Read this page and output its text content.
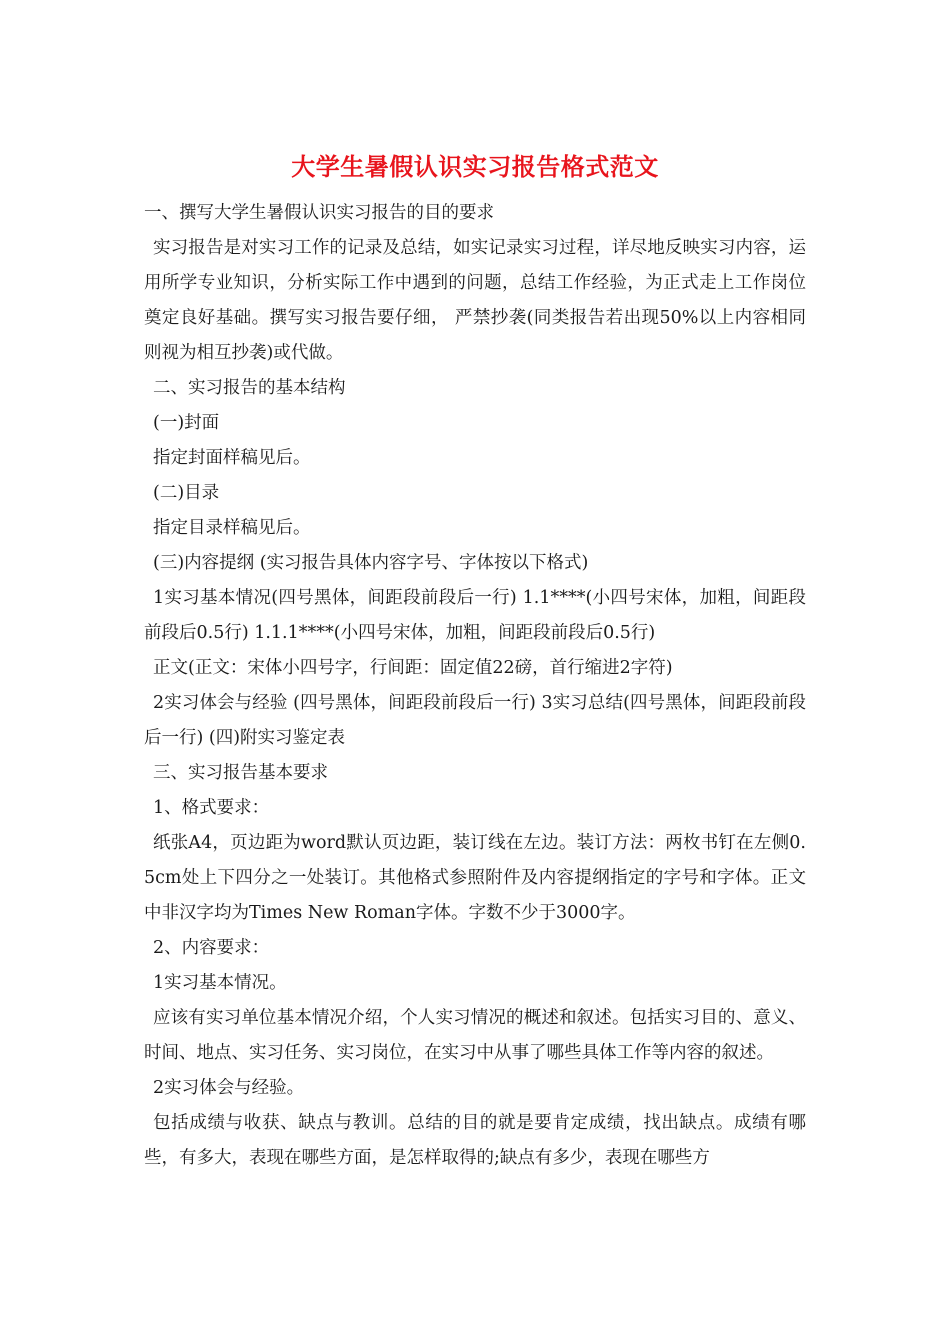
大学生暑假认识实习报告格式范文

一、撰写大学生暑假认识实习报告的目的要求

实习报告是对实习工作的记录及总结，如实记录实习过程，详尽地反映实习内容，运用所学专业知识，分析实际工作中遇到的问题，总结工作经验，为正式走上工作岗位奠定良好基础。撰写实习报告要仔细， 严禁抄袭(同类报告若出现50%以上内容相同则视为相互抄袭)或代做。

二、实习报告的基本结构

(一)封面

指定封面样稿见后。

(二)目录

指定目录样稿见后。

(三)内容提纲 (实习报告具体内容字号、字体按以下格式)

1实习基本情况(四号黑体，间距段前段后一行) 1.1****(小四号宋体，加粗，间距段前段后0.5行) 1.1.1****(小四号宋体，加粗，间距段前段后0.5行)

正文(正文：宋体小四号字，行间距：固定值22磅，首行缩进2字符)

2实习体会与经验 (四号黑体，间距段前段后一行) 3实习总结(四号黑体，间距段前段后一行) (四)附实习鉴定表

三、实习报告基本要求

1、格式要求：

纸张A4，页边距为word默认页边距，装订线在左边。装订方法：两枚书钉在左侧0.5cm处上下四分之一处装订。其他格式参照附件及内容提纲指定的字号和字体。正文中非汉字均为Times New Roman字体。字数不少于3000字。

2、内容要求：

1实习基本情况。

应该有实习单位基本情况介绍，个人实习情况的概述和叙述。包括实习目的、意义、时间、地点、实习任务、实习岗位，在实习中从事了哪些具体工作等内容的叙述。

2实习体会与经验。

包括成绩与收获、缺点与教训。总结的目的就是要肯定成绩，找出缺点。成绩有哪些，有多大，表现在哪些方面，是怎样取得的;缺点有多少，表现在哪些方
